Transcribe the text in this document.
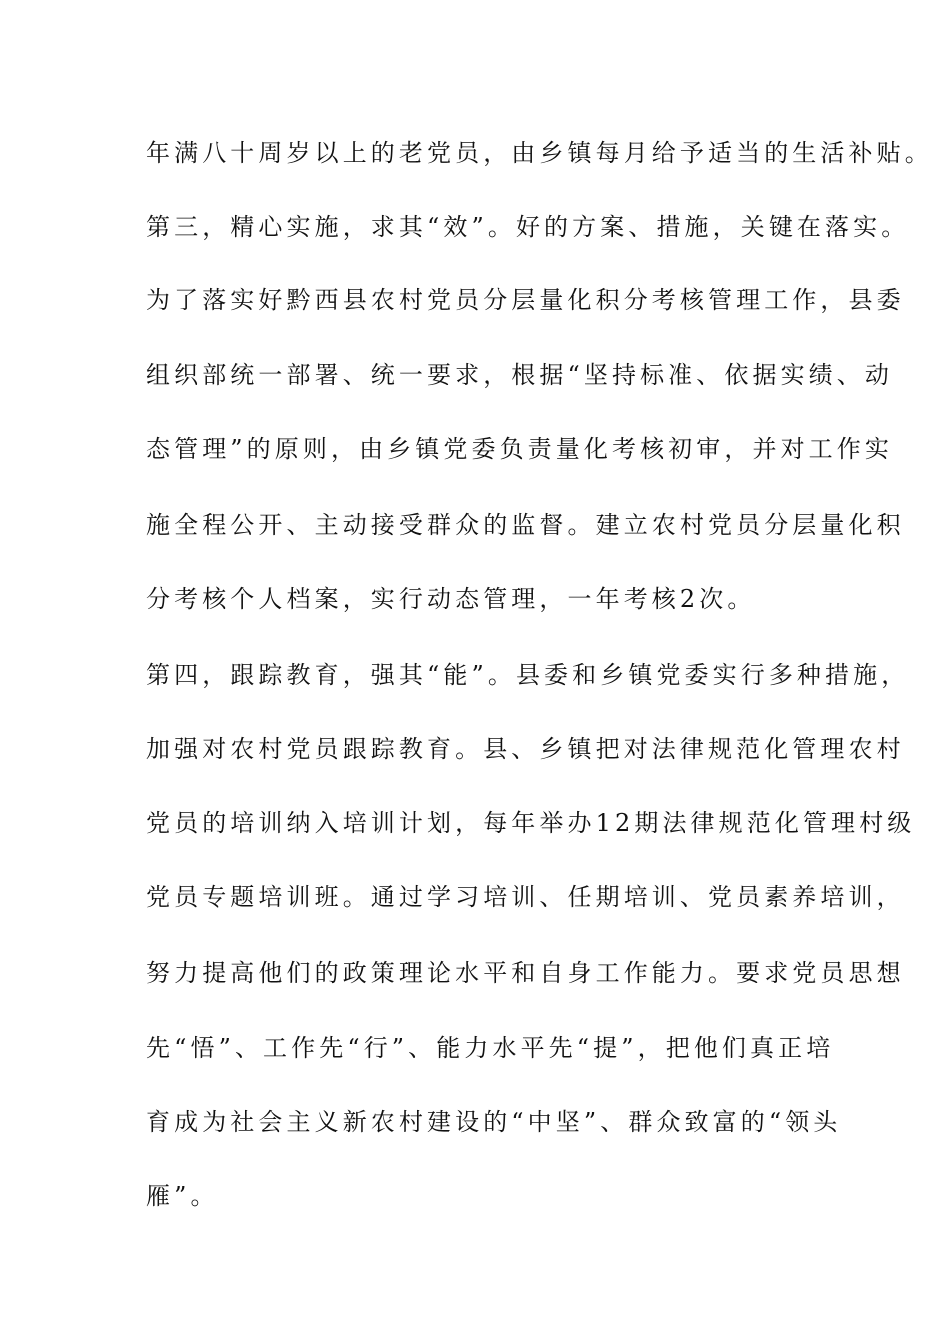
年满八十周岁以上的老党员，由乡镇每月给予适当的生活补贴。
第三，精心实施，求其“效”。好的方案、措施，关键在落实。
为了落实好黔西县农村党员分层量化积分考核管理工作，县委
组织部统一部署、统一要求，根据“坚持标准、依据实绩、动
态管理”的原则，由乡镇党委负责量化考核初审，并对工作实
施全程公开、主动接受群众的监督。建立农村党员分层量化积
分考核个人档案，实行动态管理，一年考核2次。
第四，跟踪教育，强其“能”。县委和乡镇党委实行多种措施，
加强对农村党员跟踪教育。县、乡镇把对法律规范化管理农村
党员的培训纳入培训计划，每年举办12期法律规范化管理村级
党员专题培训班。通过学习培训、任期培训、党员素养培训，
努力提高他们的政策理论水平和自身工作能力。要求党员思想
先“悟”、工作先“行”、能力水平先“提”，把他们真正培
育成为社会主义新农村建设的“中坚”、群众致富的“领头
雁”。
